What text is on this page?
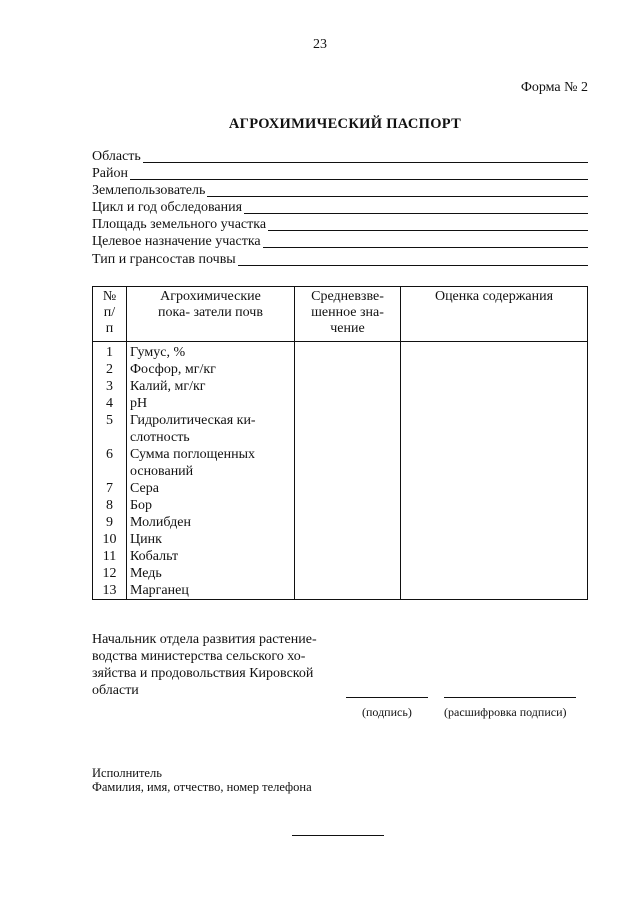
23
Форма № 2
АГРОХИМИЧЕСКИЙ ПАСПОРТ
Область
Район
Землепользователь
Цикл и год обследования
Площадь земельного участка
Целевое назначение участка
Тип и грансостав почвы
№ п/п	Агрохимические пока- затели почв	Средневзве- шенное зна- чение	Оценка содержания
1	Гумус, %		
2	Фосфор, мг/кг		
3	Калий, мг/кг		
4	рН		
5	Гидролитическая ки-		
	слотность		
6	Сумма поглощенных		
	оснований		
7	Сера		
8	Бор		
9	Молибден		
10	Цинк		
11	Кобальт		
12	Медь		
13	Марганец		
Начальник отдела развития растение-
водства министерства сельского хо-
зяйства и продовольствия Кировской
области
(подпись)	(расшифровка подписи)
Исполнитель
Фамилия, имя, отчество, номер телефона
